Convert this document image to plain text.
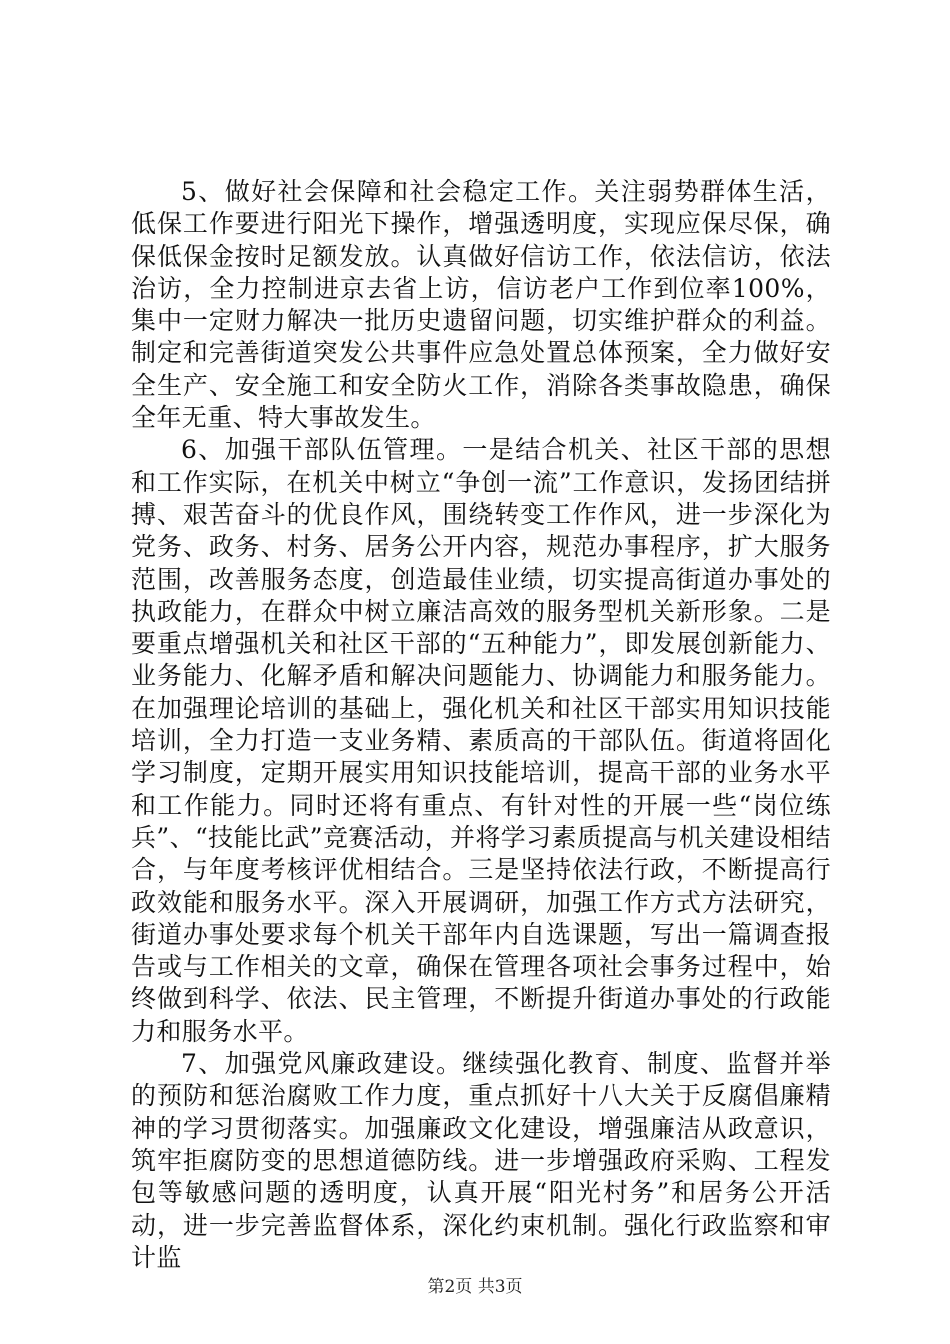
5、做好社会保障和社会稳定工作。关注弱势群体生活，低保工作要进行阳光下操作，增强透明度，实现应保尽保，确保低保金按时足额发放。认真做好信访工作，依法信访，依法治访，全力控制进京去省上访，信访老户工作到位率100%，集中一定财力解决一批历史遗留问题，切实维护群众的利益。制定和完善街道突发公共事件应急处置总体预案，全力做好安全生产、安全施工和安全防火工作，消除各类事故隐患，确保全年无重、特大事故发生。

6、加强干部队伍管理。一是结合机关、社区干部的思想和工作实际，在机关中树立“争创一流”工作意识，发扬团结拼搏、艰苦奋斗的优良作风，围绕转变工作作风，进一步深化为党务、政务、村务、居务公开内容，规范办事程序，扩大服务范围，改善服务态度，创造最佳业绩，切实提高街道办事处的执政能力，在群众中树立廉洁高效的服务型机关新形象。二是要重点增强机关和社区干部的“五种能力”，即发展创新能力、业务能力、化解矛盾和解决问题能力、协调能力和服务能力。在加强理论培训的基础上，强化机关和社区干部实用知识技能培训，全力打造一支业务精、素质高的干部队伍。街道将固化学习制度，定期开展实用知识技能培训，提高干部的业务水平和工作能力。同时还将有重点、有针对性的开展一些“岗位练兵”、“技能比武”竞赛活动，并将学习素质提高与机关建设相结合，与年度考核评优相结合。三是坚持依法行政，不断提高行政效能和服务水平。深入开展调研，加强工作方式方法研究，街道办事处要求每个机关干部年内自选课题，写出一篇调查报告或与工作相关的文章，确保在管理各项社会事务过程中，始终做到科学、依法、民主管理，不断提升街道办事处的行政能力和服务水平。

7、加强党风廉政建设。继续强化教育、制度、监督并举的预防和惩治腐败工作力度，重点抓好十八大关于反腐倡廉精神的学习贯彻落实。加强廉政文化建设，增强廉洁从政意识，筑牢拒腐防变的思想道德防线。进一步增强政府采购、工程发包等敏感问题的透明度，认真开展“阳光村务”和居务公开活动，进一步完善监督体系，深化约束机制。强化行政监察和审计监

第2页 共3页
